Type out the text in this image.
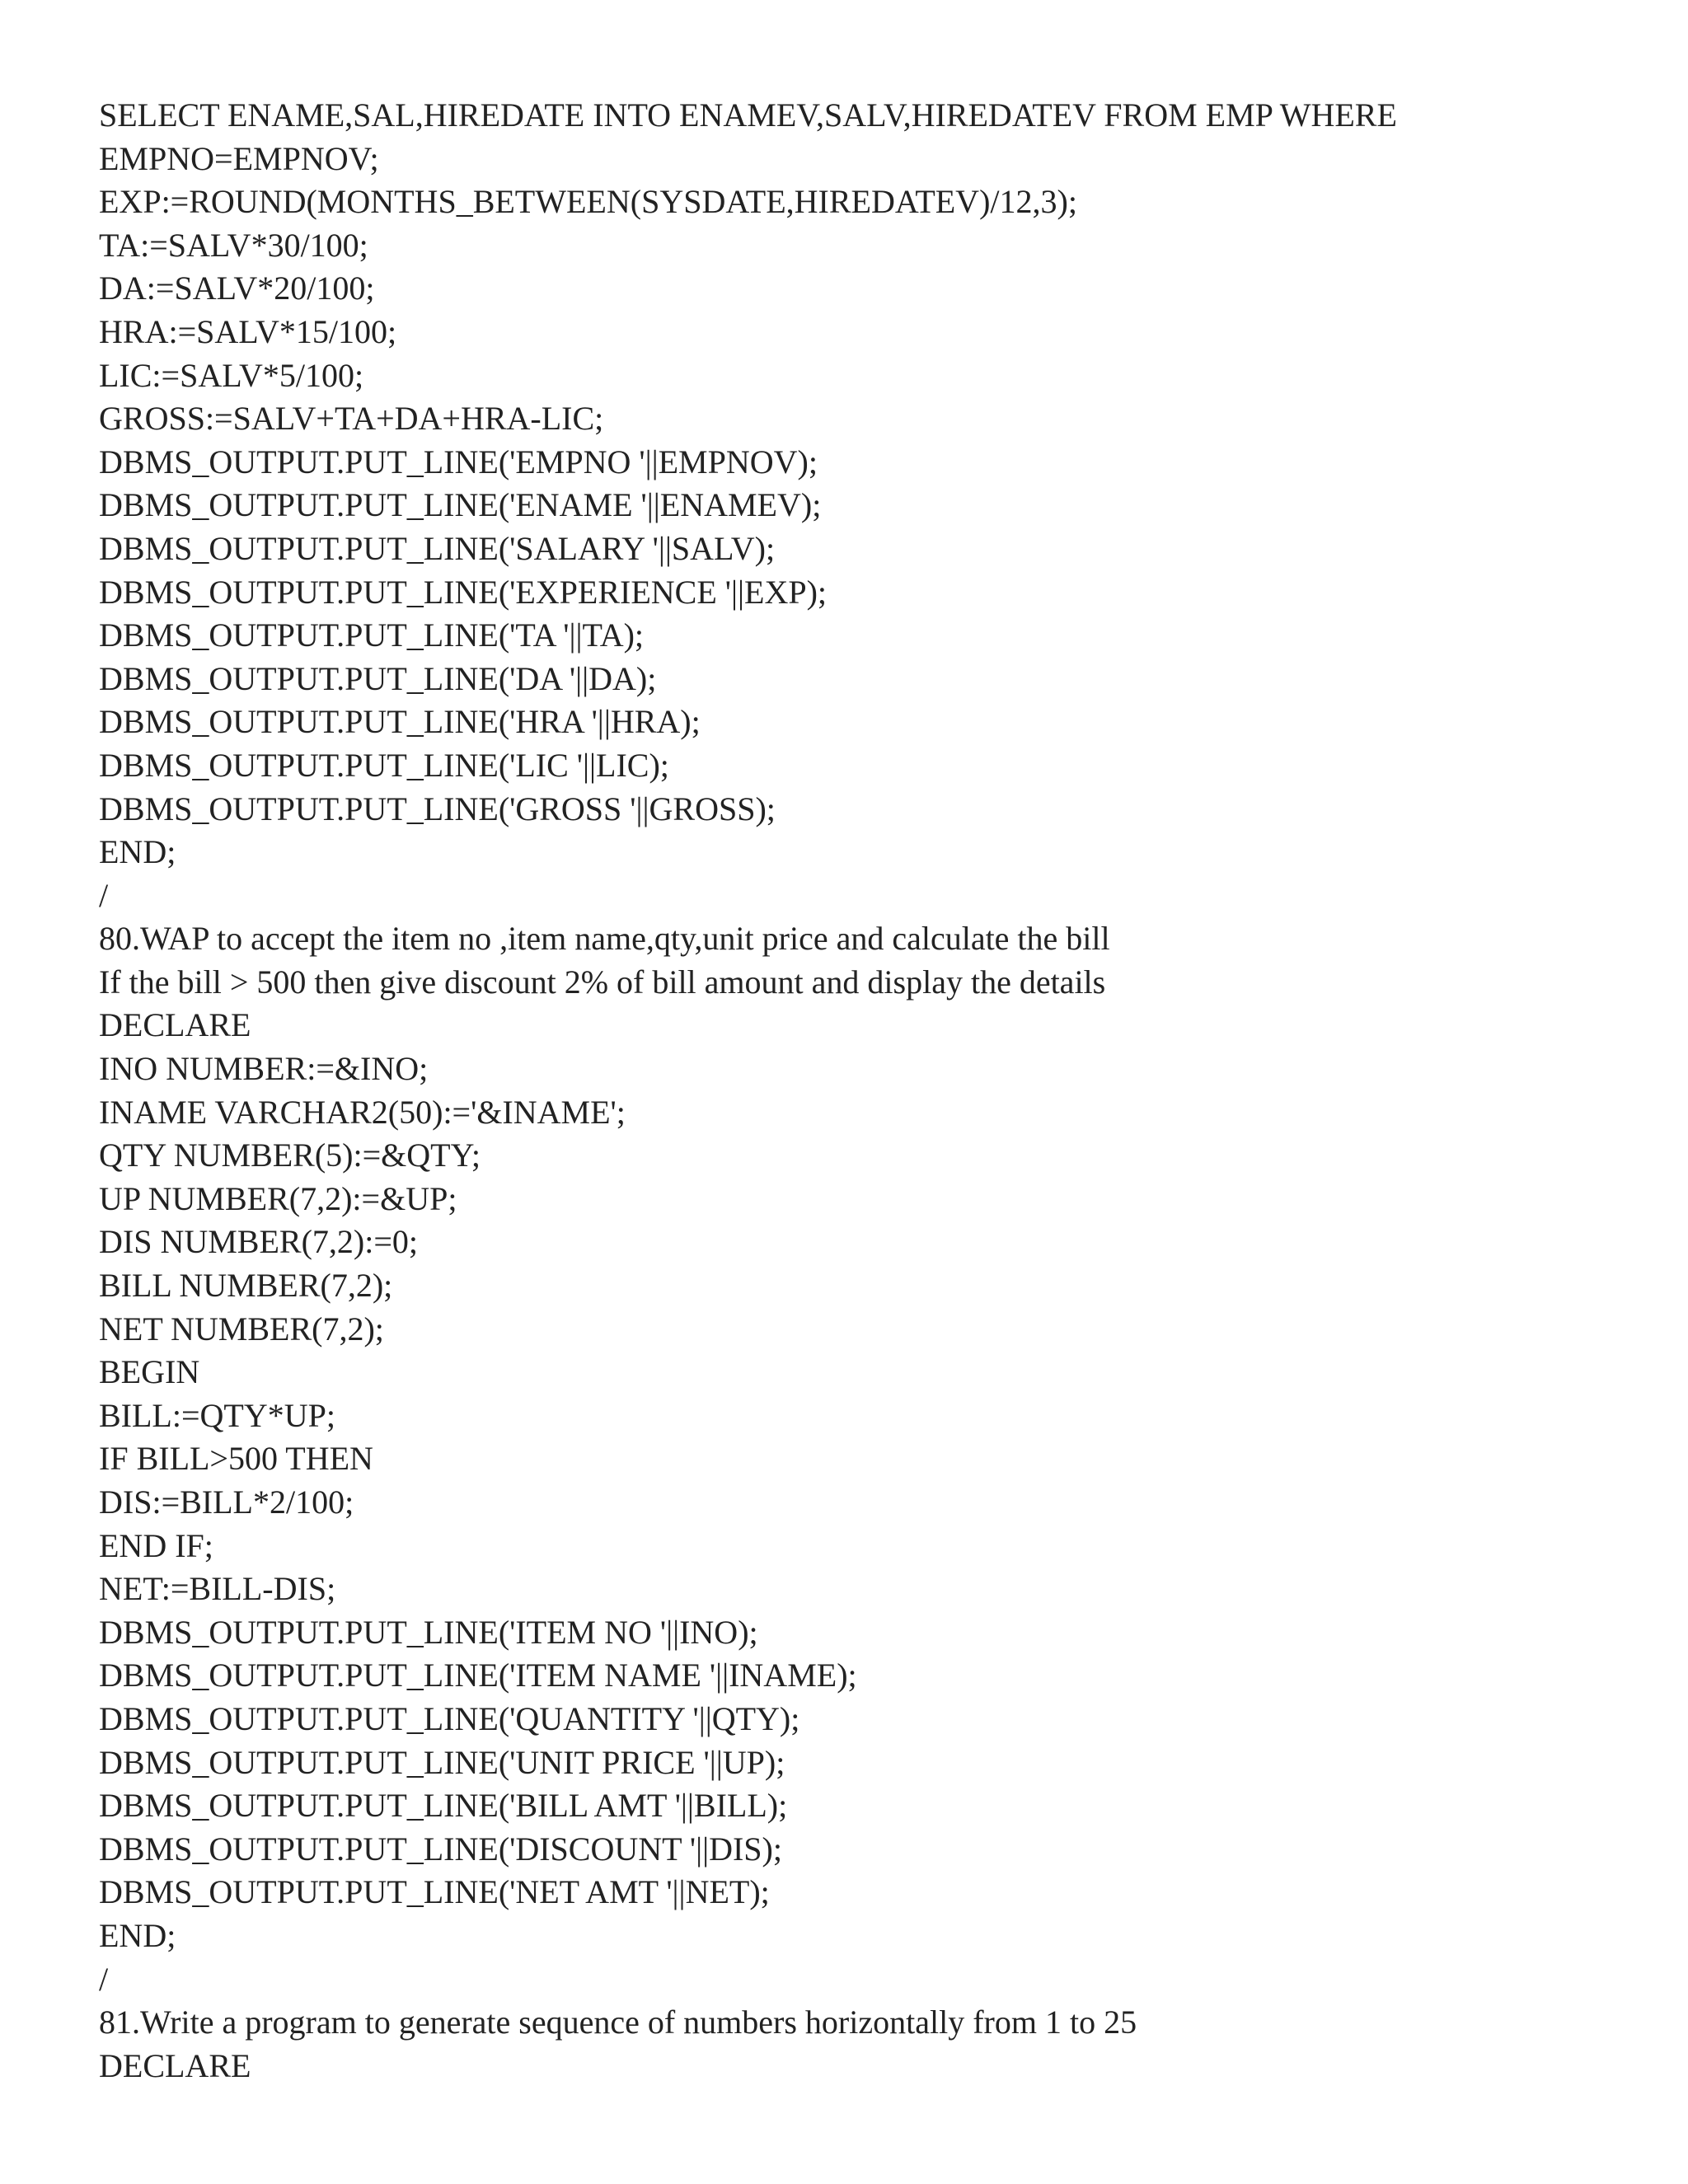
SELECT ENAME,SAL,HIREDATE INTO ENAMEV,SALV,HIREDATEV FROM EMP WHERE
EMPNO=EMPNOV;
EXP:=ROUND(MONTHS_BETWEEN(SYSDATE,HIREDATEV)/12,3);
TA:=SALV*30/100;
DA:=SALV*20/100;
HRA:=SALV*15/100;
LIC:=SALV*5/100;
GROSS:=SALV+TA+DA+HRA-LIC;
DBMS_OUTPUT.PUT_LINE('EMPNO '||EMPNOV);
DBMS_OUTPUT.PUT_LINE('ENAME '||ENAMEV);
DBMS_OUTPUT.PUT_LINE('SALARY '||SALV);
DBMS_OUTPUT.PUT_LINE('EXPERIENCE '||EXP);
DBMS_OUTPUT.PUT_LINE('TA '||TA);
DBMS_OUTPUT.PUT_LINE('DA '||DA);
DBMS_OUTPUT.PUT_LINE('HRA '||HRA);
DBMS_OUTPUT.PUT_LINE('LIC '||LIC);
DBMS_OUTPUT.PUT_LINE('GROSS '||GROSS);
END;
/
80.WAP to accept the item no ,item name,qty,unit price and calculate the bill
If the bill > 500 then give discount 2% of bill amount and display the details
DECLARE
INO NUMBER:=&INO;
INAME VARCHAR2(50):='&INAME';
QTY NUMBER(5):=&QTY;
UP NUMBER(7,2):=&UP;
DIS NUMBER(7,2):=0;
BILL NUMBER(7,2);
NET NUMBER(7,2);
BEGIN
BILL:=QTY*UP;
IF BILL>500 THEN
DIS:=BILL*2/100;
END IF;
NET:=BILL-DIS;
DBMS_OUTPUT.PUT_LINE('ITEM NO '||INO);
DBMS_OUTPUT.PUT_LINE('ITEM NAME '||INAME);
DBMS_OUTPUT.PUT_LINE('QUANTITY '||QTY);
DBMS_OUTPUT.PUT_LINE('UNIT PRICE '||UP);
DBMS_OUTPUT.PUT_LINE('BILL AMT '||BILL);
DBMS_OUTPUT.PUT_LINE('DISCOUNT '||DIS);
DBMS_OUTPUT.PUT_LINE('NET AMT '||NET);
END;
/
81.Write a program to generate sequence of numbers horizontally from 1 to 25
DECLARE
